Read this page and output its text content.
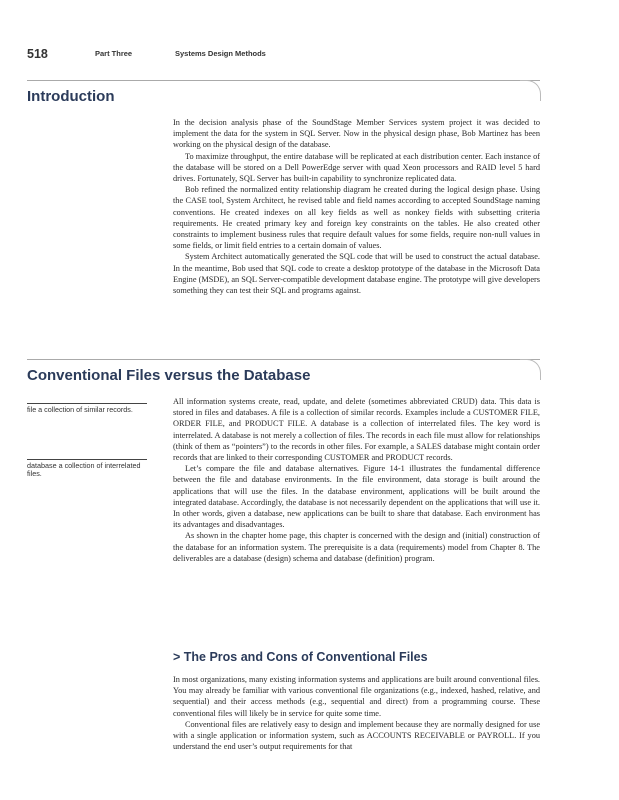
518	Part Three	Systems Design Methods
Introduction

In the decision analysis phase of the SoundStage Member Services system project it was decided to implement the data for the system in SQL Server. Now in the physical design phase, Bob Martinez has been working on the physical design of the database.

To maximize throughput, the entire database will be replicated at each distribution center. Each instance of the database will be stored on a Dell PowerEdge server with quad Xeon processors and RAID level 5 hard drives. Fortunately, SQL Server has built-in capability to synchronize replicated data.

Bob refined the normalized entity relationship diagram he created during the logical design phase. Using the CASE tool, System Architect, he revised table and field names according to accepted SoundStage naming conventions. He created indexes on all key fields as well as nonkey fields with subsetting criteria requirements. He created primary key and foreign key constraints on the tables. He also created other constraints to implement business rules that require default values for some fields, require non-null values in some fields, or limit field entries to a certain domain of values.

System Architect automatically generated the SQL code that will be used to construct the actual database. In the meantime, Bob used that SQL code to create a desktop prototype of the database in the Microsoft Data Engine (MSDE), an SQL Server-compatible development database engine. The prototype will give developers something they can test their SQL and programs against.

Conventional Files versus the Database
file a collection of similar records.
database a collection of interrelated files.

All information systems create, read, update, and delete (sometimes abbreviated CRUD) data. This data is stored in files and databases. A file is a collection of similar records. Examples include a CUSTOMER FILE, ORDER FILE, and PRODUCT FILE. A database is a collection of interrelated files. The key word is interrelated. A database is not merely a collection of files. The records in each file must allow for relationships (think of them as “pointers”) to the records in other files. For example, a SALES database might contain order records that are linked to their corresponding CUSTOMER and PRODUCT records.

Let’s compare the file and database alternatives. Figure 14-1 illustrates the fundamental difference between the file and database environments. In the file environment, data storage is built around the applications that will use the files. In the database environment, applications will be built around the integrated database. Accordingly, the database is not necessarily dependent on the applications that will use it. In other words, given a database, new applications can be built to share that database. Each environment has its advantages and disadvantages.

As shown in the chapter home page, this chapter is concerned with the design and (initial) construction of the database for an information system. The prerequisite is a data (requirements) model from Chapter 8. The deliverables are a database (design) schema and database (definition) program.

> The Pros and Cons of Conventional Files

In most organizations, many existing information systems and applications are built around conventional files. You may already be familiar with various conventional file organizations (e.g., indexed, hashed, relative, and sequential) and their access methods (e.g., sequential and direct) from a programming course. These conventional files will likely be in service for quite some time.

Conventional files are relatively easy to design and implement because they are normally designed for use with a single application or information system, such as ACCOUNTS RECEIVABLE or PAYROLL. If you understand the end user’s output requirements for that
